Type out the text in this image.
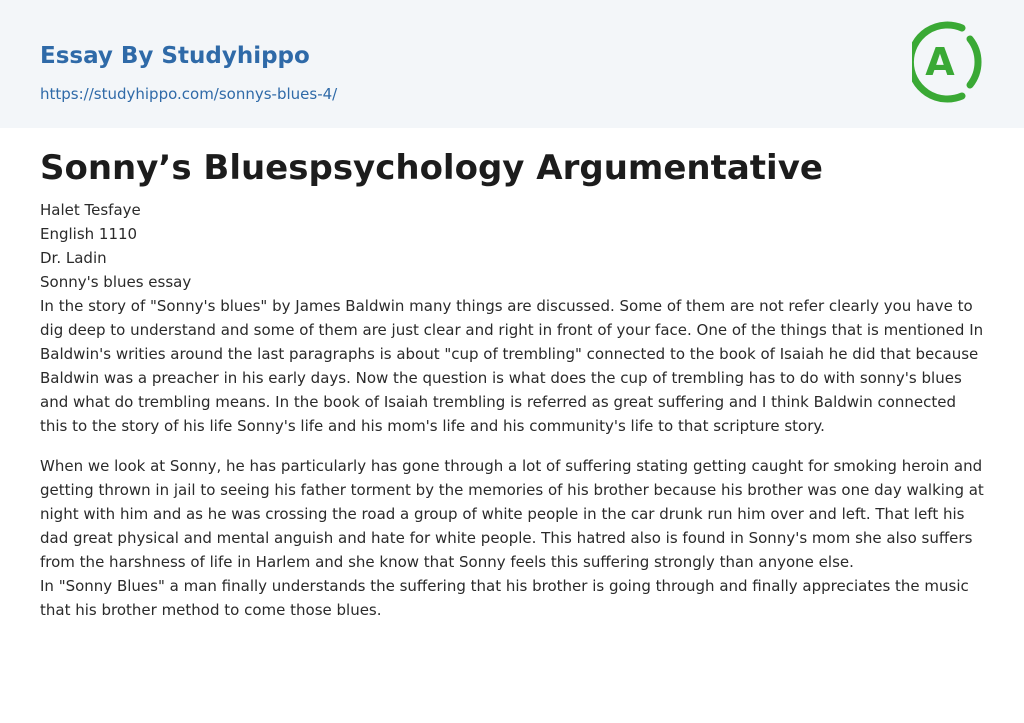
Essay By Studyhippo
https://studyhippo.com/sonnys-blues-4/
A
Sonny’s Bluespsychology Argumentative
Halet Tesfaye
English 1110
Dr. Ladin
Sonny's blues essay

In the story of "Sonny's blues" by James Baldwin many things are discussed. Some of them are not refer clearly you have to dig deep to understand and some of them are just clear and right in front of your face. One of the things that is mentioned In Baldwin's writies around the last paragraphs is about "cup of trembling" connected to the book of Isaiah he did that because Baldwin was a preacher in his early days. Now the question is what does the cup of trembling has to do with sonny's blues and what do trembling means. In the book of Isaiah trembling is referred as great suffering and I think Baldwin connected this to the story of his life Sonny's life and his mom's life and his community's life to that scripture story.

When we look at Sonny, he has particularly has gone through a lot of suffering stating getting caught for smoking heroin and getting thrown in jail to seeing his father torment by the memories of his brother because his brother was one day walking at night with him and as he was crossing the road a group of white people in the car drunk run him over and left. That left his dad great physical and mental anguish and hate for white people. This hatred also is found in Sonny's mom she also suffers from the harshness of life in Harlem and she know that Sonny feels this suffering strongly than anyone else.

In "Sonny Blues" a man finally understands the suffering that his brother is going through and finally appreciates the music that his brother method to come those blues.
